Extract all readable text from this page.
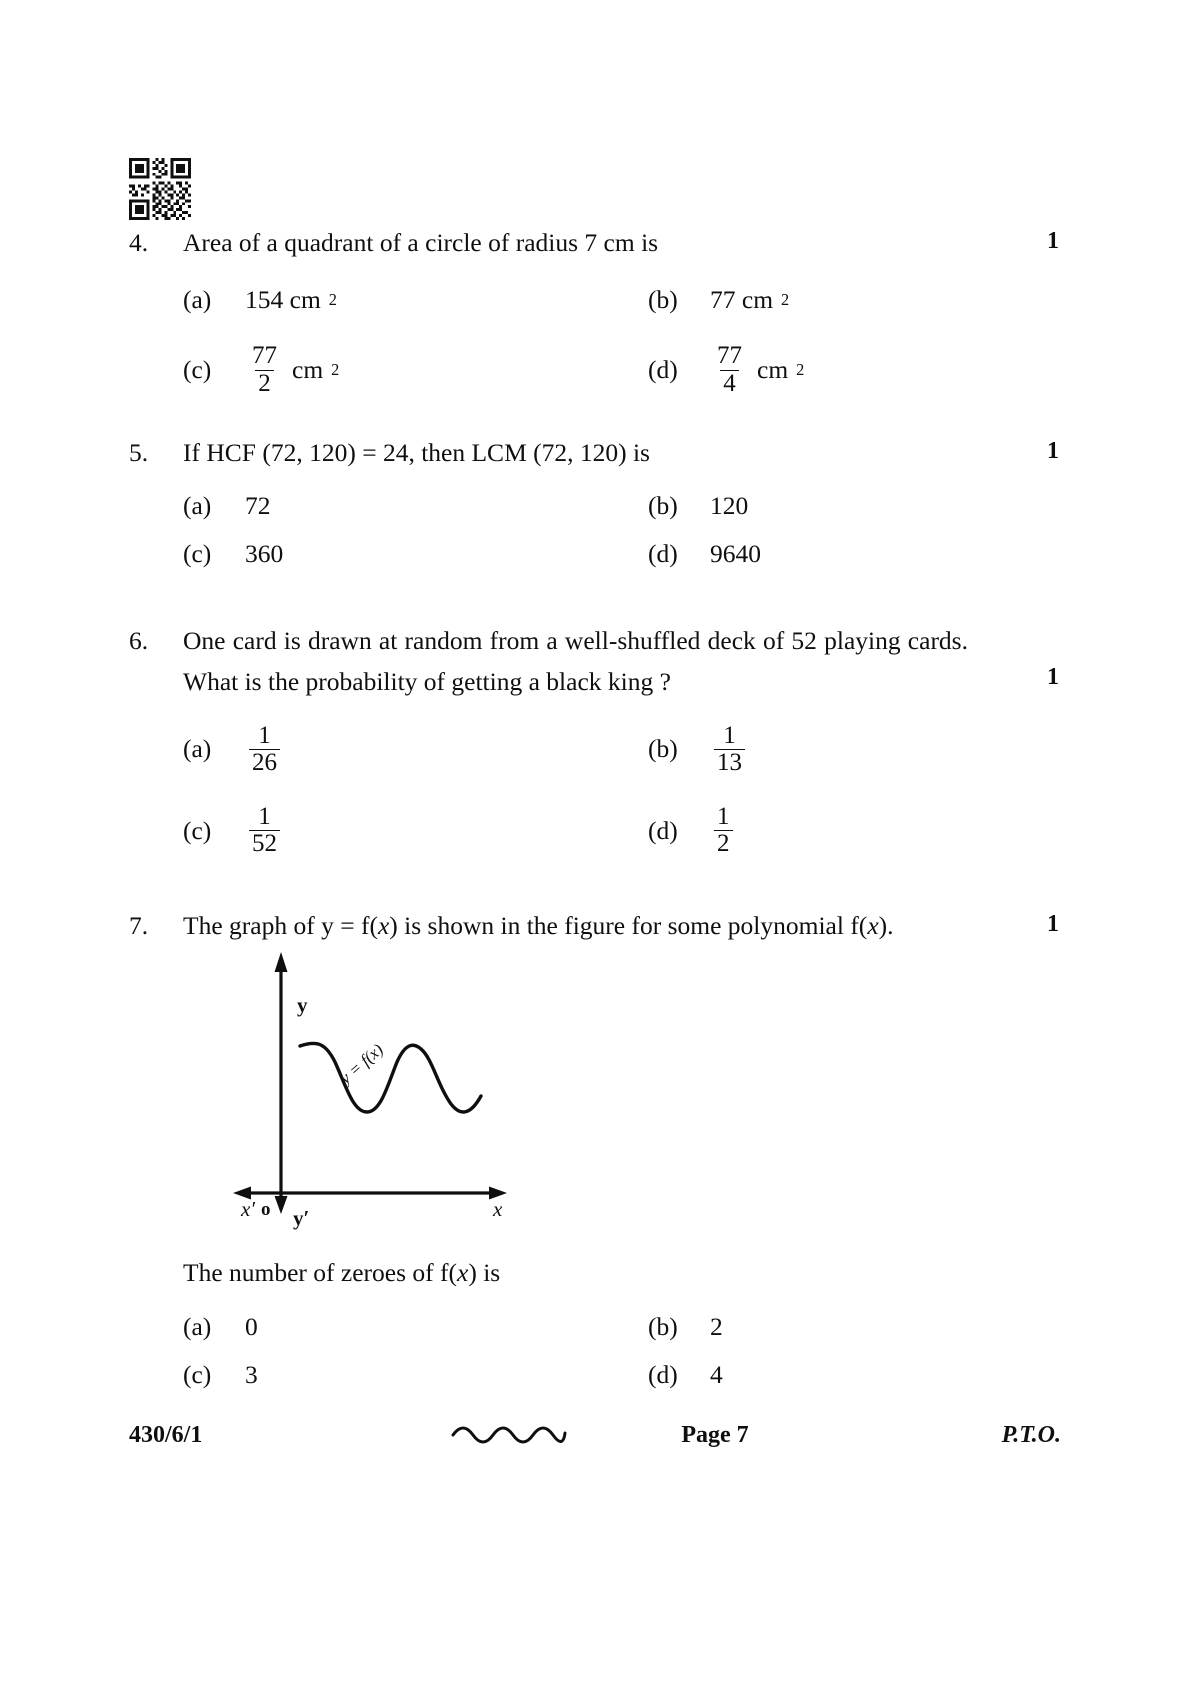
4.	Area of a quadrant of a circle of radius 7 cm is	1
(a)	154 cm 2	(b)	77 cm 2
(c)	$\frac{77}{2}$ cm 2	(d)	$\frac{77}{4}$ cm 2
5.	If HCF (72, 120) = 24, then LCM (72, 120) is	1
(a)	72	(b)	120
(c)	360	(d)	9640
6.	One card is drawn at random from a well-shuffled deck of 52 playing cards. What is the probability of getting a black king ?	1
(a)	$\frac{1}{26}$	(b)	$\frac{1}{13}$
(c)	$\frac{1}{52}$	(d)	$\frac{1}{2}$
7.	The graph of y = f(x) is shown in the figure for some polynomial f(x).	1
y = f(x)
y
x′	x
o y′
The number of zeroes of f(x) is
(a)	0	(b)	2
(c)	3	(d)	4
430/6/1	Page 7	P.T.O.
